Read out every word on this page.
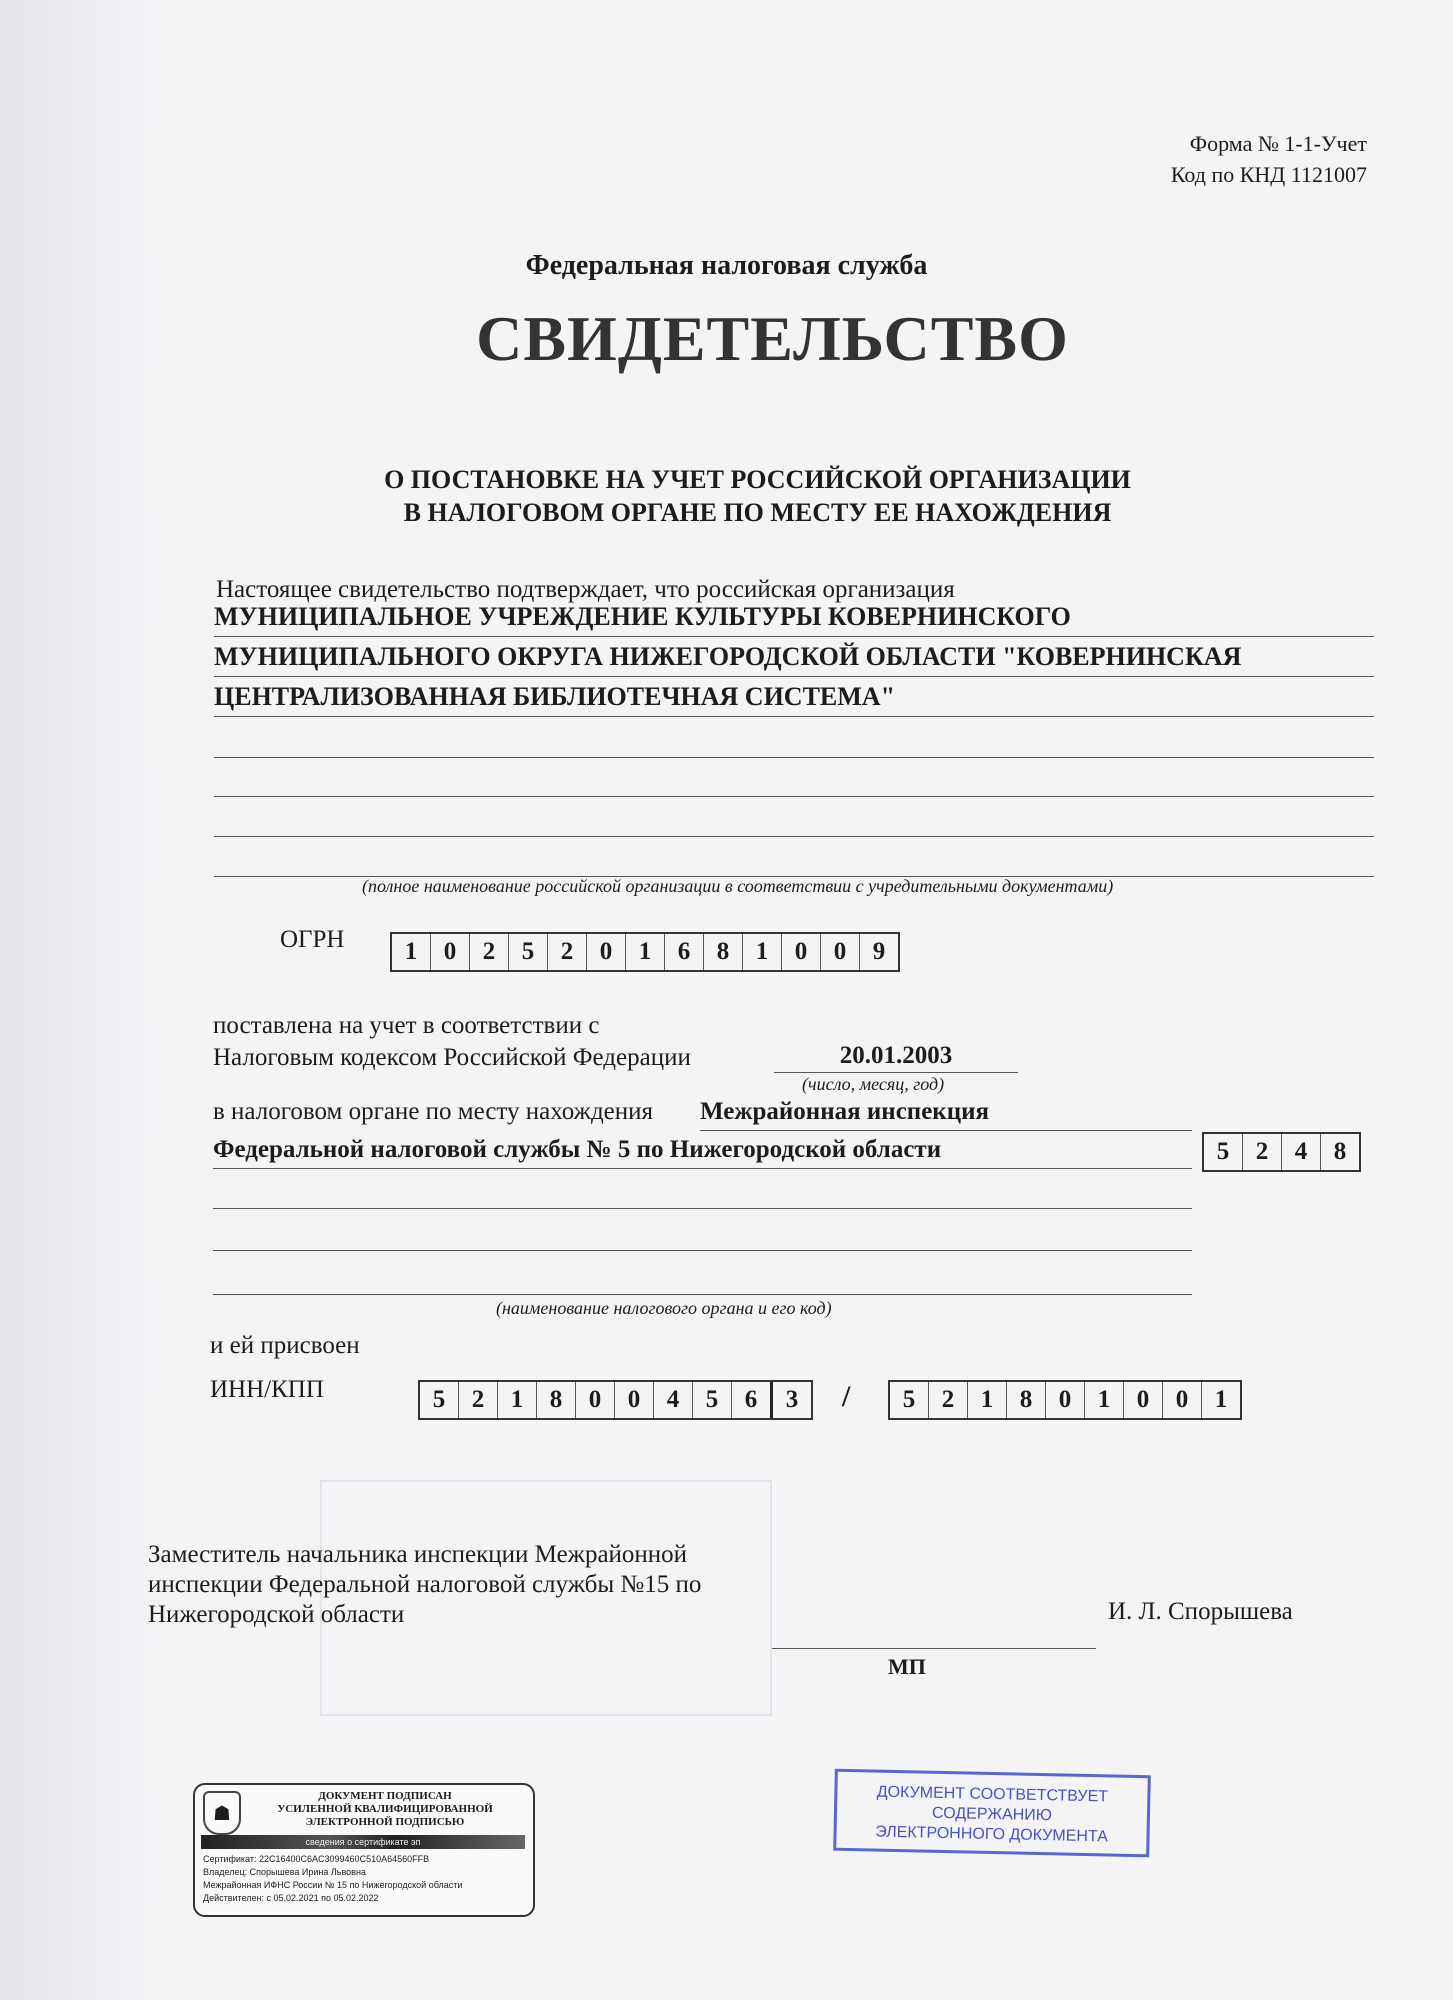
Форма № 1-1-Учет
Код по КНД 1121007
Федеральная налоговая служба
СВИДЕТЕЛЬСТВО
О ПОСТАНОВКЕ НА УЧЕТ РОССИЙСКОЙ ОРГАНИЗАЦИИ
В НАЛОГОВОМ ОРГАНЕ ПО МЕСТУ ЕЕ НАХОЖДЕНИЯ
Настоящее свидетельство подтверждает, что российская организация
МУНИЦИПАЛЬНОЕ УЧРЕЖДЕНИЕ КУЛЬТУРЫ КОВЕРНИНСКОГО
МУНИЦИПАЛЬНОГО ОКРУГА НИЖЕГОРОДСКОЙ ОБЛАСТИ "КОВЕРНИНСКАЯ
ЦЕНТРАЛИЗОВАННАЯ БИБЛИОТЕЧНАЯ СИСТЕМА"
(полное наименование российской организации в соответствии с учредительными документами)
ОГРН	1	0	2	5	2	0	1	6	8	1	0	0	9
поставлена на учет в соответствии с
Налоговым кодексом Российской Федерации	20.01.2003
(число, месяц, год)
в налоговом органе по месту нахождения Межрайонная инспекция
Федеральной налоговой службы № 5 по Нижегородской области	5	2	4	8
(наименование налогового органа и его код)
и ей присвоен
ИНН/КПП	5	2	1	8	0	0	4	5	6	3	/	5	2	1	8	0	1	0	0	1
Заместитель начальника инспекции Межрайонной
инспекции Федеральной налоговой службы №15 по
Нижегородской области	И. Л. Спорышева
МП
☗
ДОКУМЕНТ ПОДПИСАН
УСИЛЕННОЙ КВАЛИФИЦИРОВАННОЙ
ЭЛЕКТРОННОЙ ПОДПИСЬЮ
сведения о сертификате эп
Сертификат: 22C16400C6AC3099460C510A64560FFB
Владелец: Спорышева Ирина Львовна
Межрайонная ИФНС России № 15 по Нижегородской области
Действителен: с 05.02.2021 по 05.02.2022
ДОКУМЕНТ СООТВЕТСТВУЕТ СОДЕРЖАНИЮ
ЭЛЕКТРОННОГО ДОКУМЕНТА
